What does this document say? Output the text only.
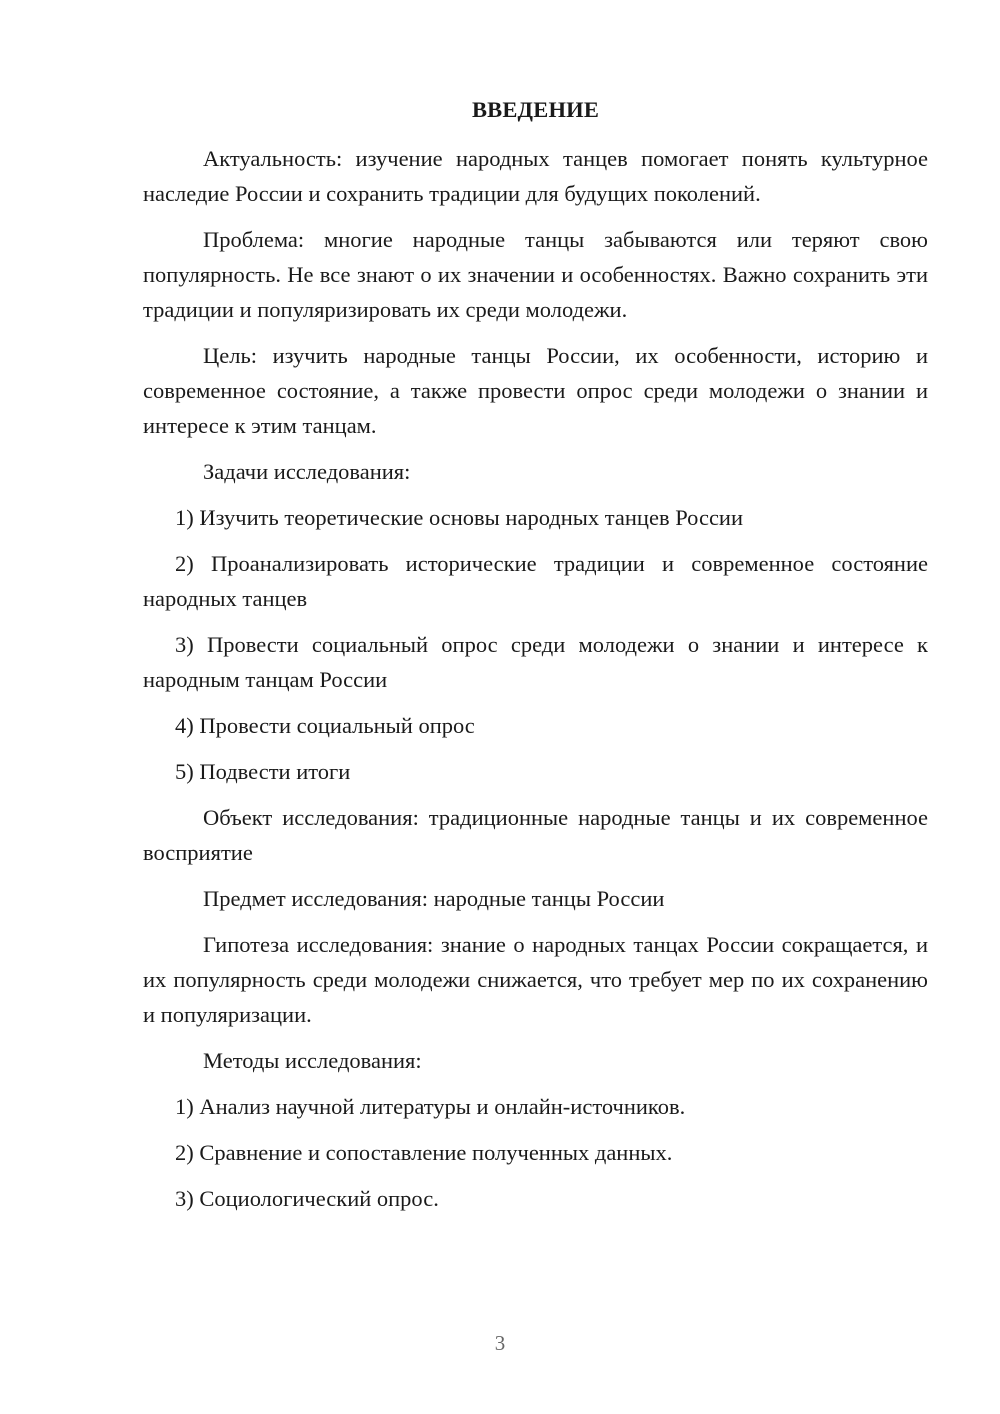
ВВЕДЕНИЕ

Актуальность: изучение народных танцев помогает понять культурное наследие России и сохранить традиции для будущих поколений.

Проблема: многие народные танцы забываются или теряют свою популярность. Не все знают о их значении и особенностях. Важно сохранить эти традиции и популяризировать их среди молодежи.

Цель: изучить народные танцы России, их особенности, историю и современное состояние, а также провести опрос среди молодежи о знании и интересе к этим танцам.

Задачи исследования:

1) Изучить теоретические основы народных танцев России

2) Проанализировать исторические традиции и современное состояние народных танцев

3) Провести социальный опрос среди молодежи о знании и интересе к народным танцам России

4) Провести социальный опрос

5) Подвести итоги

Объект исследования: традиционные народные танцы и их современное восприятие

Предмет исследования: народные танцы России

Гипотеза исследования: знание о народных танцах России сокращается, и их популярность среди молодежи снижается, что требует мер по их сохранению и популяризации.

Методы исследования:

1) Анализ научной литературы и онлайн-источников.

2) Сравнение и сопоставление полученных данных.

3) Социологический опрос.

3
